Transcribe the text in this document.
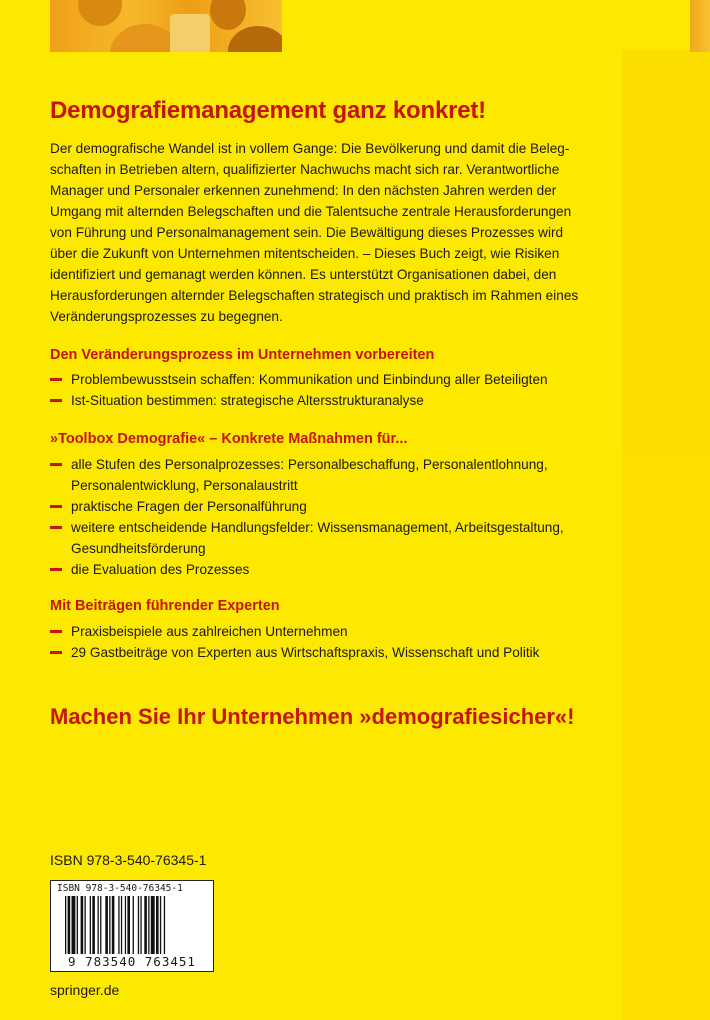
Demografiemanagement ganz konkret!

Der demografische Wandel ist in vollem Gange: Die Bevölkerung und damit die Beleg-
schaften in Betrieben altern, qualifizierter Nachwuchs macht sich rar. Verantwortliche
Manager und Personaler erkennen zunehmend: In den nächsten Jahren werden der
Umgang mit alternden Belegschaften und die Talentsuche zentrale Herausforderungen
von Führung und Personalmanagement sein. Die Bewältigung dieses Prozesses wird
über die Zukunft von Unternehmen mitentscheiden. – Dieses Buch zeigt, wie Risiken
identifiziert und gemanagt werden können. Es unterstützt Organisationen dabei, den
Herausforderungen alternder Belegschaften strategisch und praktisch im Rahmen eines
Veränderungsprozesses zu begegnen.

Den Veränderungsprozess im Unternehmen vorbereiten
Problembewusstsein schaffen: Kommunikation und Einbindung aller Beteiligten
Ist-Situation bestimmen: strategische Altersstrukturanalyse
»Toolbox Demografie« – Konkrete Maßnahmen für...
alle Stufen des Personalprozesses: Personalbeschaffung, Personalentlohnung,
Personalentwicklung, Personalaustritt
praktische Fragen der Personalführung
weitere entscheidende Handlungsfelder: Wissensmanagement, Arbeitsgestaltung,
Gesundheitsförderung
die Evaluation des Prozesses
Mit Beiträgen führender Experten
Praxisbeispiele aus zahlreichen Unternehmen
29 Gastbeiträge von Experten aus Wirtschaftspraxis, Wissenschaft und Politik
Machen Sie Ihr Unternehmen »demografiesicher«!
ISBN 978-3-540-76345-1
ISBN 978-3-540-76345-1
9 783540 763451
springer.de
